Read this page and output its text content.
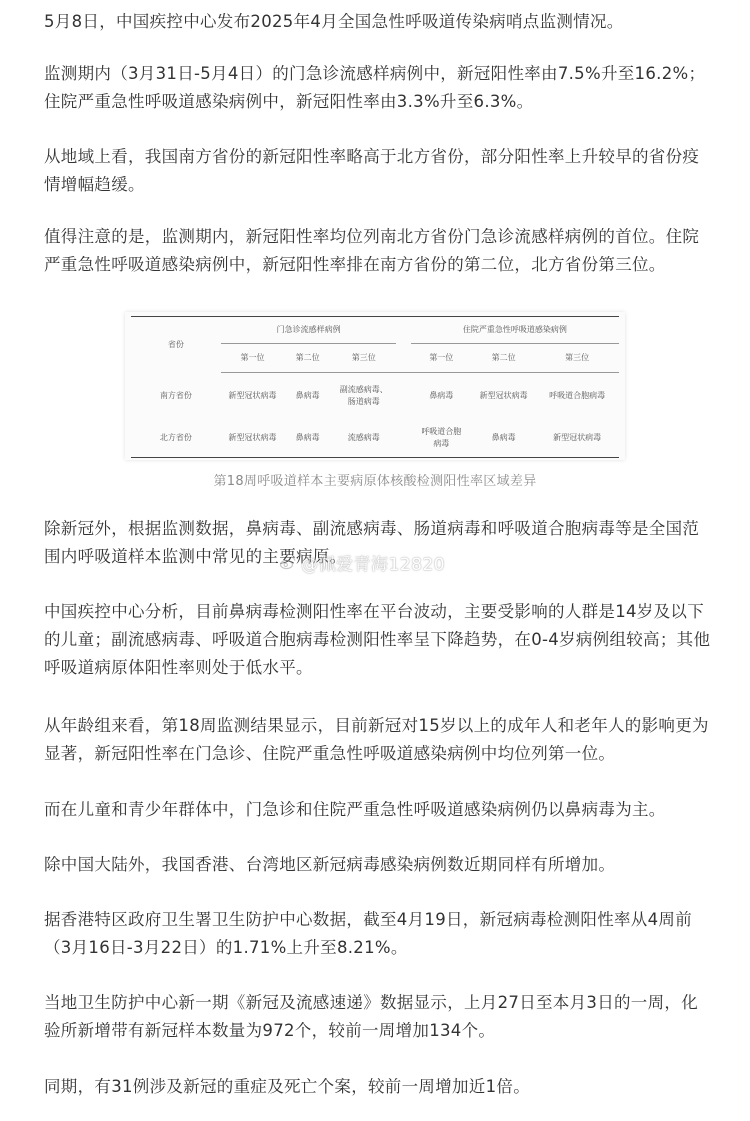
5月8日，中国疾控中心发布2025年4月全国急性呼吸道传染病哨点监测情况。

监测期内（3月31日-5月4日）的门急诊流感样病例中，新冠阳性率由7.5%升至16.2%；住院严重急性呼吸道感染病例中，新冠阳性率由3.3%升至6.3%。

从地域上看，我国南方省份的新冠阳性率略高于北方省份，部分阳性率上升较早的省份疫情增幅趋缓。

值得注意的是，监测期内，新冠阳性率均位列南北方省份门急诊流感样病例的首位。住院严重急性呼吸道感染病例中，新冠阳性率排在南方省份的第二位，北方省份第三位。

除新冠外，根据监测数据，鼻病毒、副流感病毒、肠道病毒和呼吸道合胞病毒等是全国范围内呼吸道样本监测中常见的主要病原。

中国疾控中心分析，目前鼻病毒检测阳性率在平台波动，主要受影响的人群是14岁及以下的儿童；副流感病毒、呼吸道合胞病毒检测阳性率呈下降趋势，在0-4岁病例组较高；其他呼吸道病原体阳性率则处于低水平。

从年龄组来看，第18周监测结果显示，目前新冠对15岁以上的成年人和老年人的影响更为显著，新冠阳性率在门急诊、住院严重急性呼吸道感染病例中均位列第一位。

而在儿童和青少年群体中，门急诊和住院严重急性呼吸道感染病例仍以鼻病毒为主。

除中国大陆外，我国香港、台湾地区新冠病毒感染病例数近期同样有所增加。

据香港特区政府卫生署卫生防护中心数据，截至4月19日，新冠病毒检测阳性率从4周前（3月16日-3月22日）的1.71%上升至8.21%。

当地卫生防护中心新一期《新冠及流感速递》数据显示，上月27日至本月3日的一周，化验所新增带有新冠样本数量为972个，较前一周增加134个。

同期，有31例涉及新冠的重症及死亡个案，较前一周增加近1倍。

省份	门急诊流感样病例				住院严重急性呼吸道感染病例		
	第一位	第二位	第三位		第一位	第二位	第三位
南方省份	新型冠状病毒	鼻病毒	副流感病毒、肠道病毒		鼻病毒	新型冠状病毒	呼吸道合胞病毒
北方省份	新型冠状病毒	鼻病毒	流感病毒		呼吸道合胞病毒	鼻病毒	新型冠状病毒
第18周呼吸道样本主要病原体核酸检测阳性率区域差异
@佩爱青海12820
